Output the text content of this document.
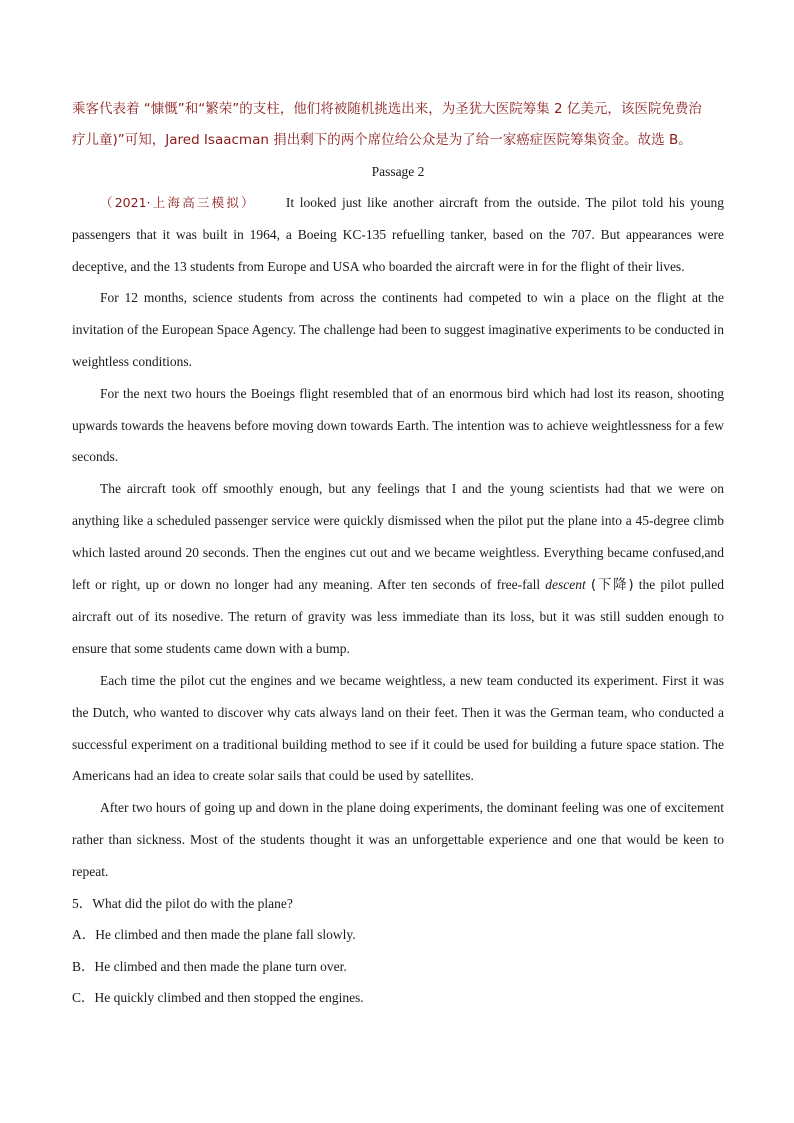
乘客代表着 “慷慨”和“繁荣”的支柱，他们将被随机挑选出来，为圣犹大医院筹集 2 亿美元，该医院免费治

疗儿童)”可知，Jared Isaacman 捐出剩下的两个席位给公众是为了给一家癌症医院筹集资金。故选 B。

Passage 2

（2021·上海高三模拟） It looked just like another aircraft from the outside. The pilot told his young passengers that it was built in 1964, a Boeing KC-135 refuelling tanker, based on the 707. But appearances were deceptive, and the 13 students from Europe and USA who boarded the aircraft were in for the flight of their lives.

For 12 months, science students from across the continents had competed to win a place on the flight at the invitation of the European Space Agency. The challenge had been to suggest imaginative experiments to be conducted in weightless conditions.

For the next two hours the Boeings flight resembled that of an enormous bird which had lost its reason, shooting upwards towards the heavens before moving down towards Earth. The intention was to achieve weightlessness for a few seconds.

The aircraft took off smoothly enough, but any feelings that I and the young scientists had that we were on anything like a scheduled passenger service were quickly dismissed when the pilot put the plane into a 45-degree climb which lasted around 20 seconds. Then the engines cut out and we became weightless. Everything became confused,and left or right, up or down no longer had any meaning. After ten seconds of free-fall descent (下降) the pilot pulled aircraft out of its nosedive. The return of gravity was less immediate than its loss, but it was still sudden enough to ensure that some students came down with a bump.

Each time the pilot cut the engines and we became weightless, a new team conducted its experiment. First it was the Dutch, who wanted to discover why cats always land on their feet. Then it was the German team, who conducted a successful experiment on a traditional building method to see if it could be used for building a future space station. The Americans had an idea to create solar sails that could be used by satellites.

After two hours of going up and down in the plane doing experiments, the dominant feeling was one of excitement rather than sickness. Most of the students thought it was an unforgettable experience and one that would be keen to repeat.

5．What did the pilot do with the plane?

A．He climbed and then made the plane fall slowly.

B．He climbed and then made the plane turn over.

C．He quickly climbed and then stopped the engines.
